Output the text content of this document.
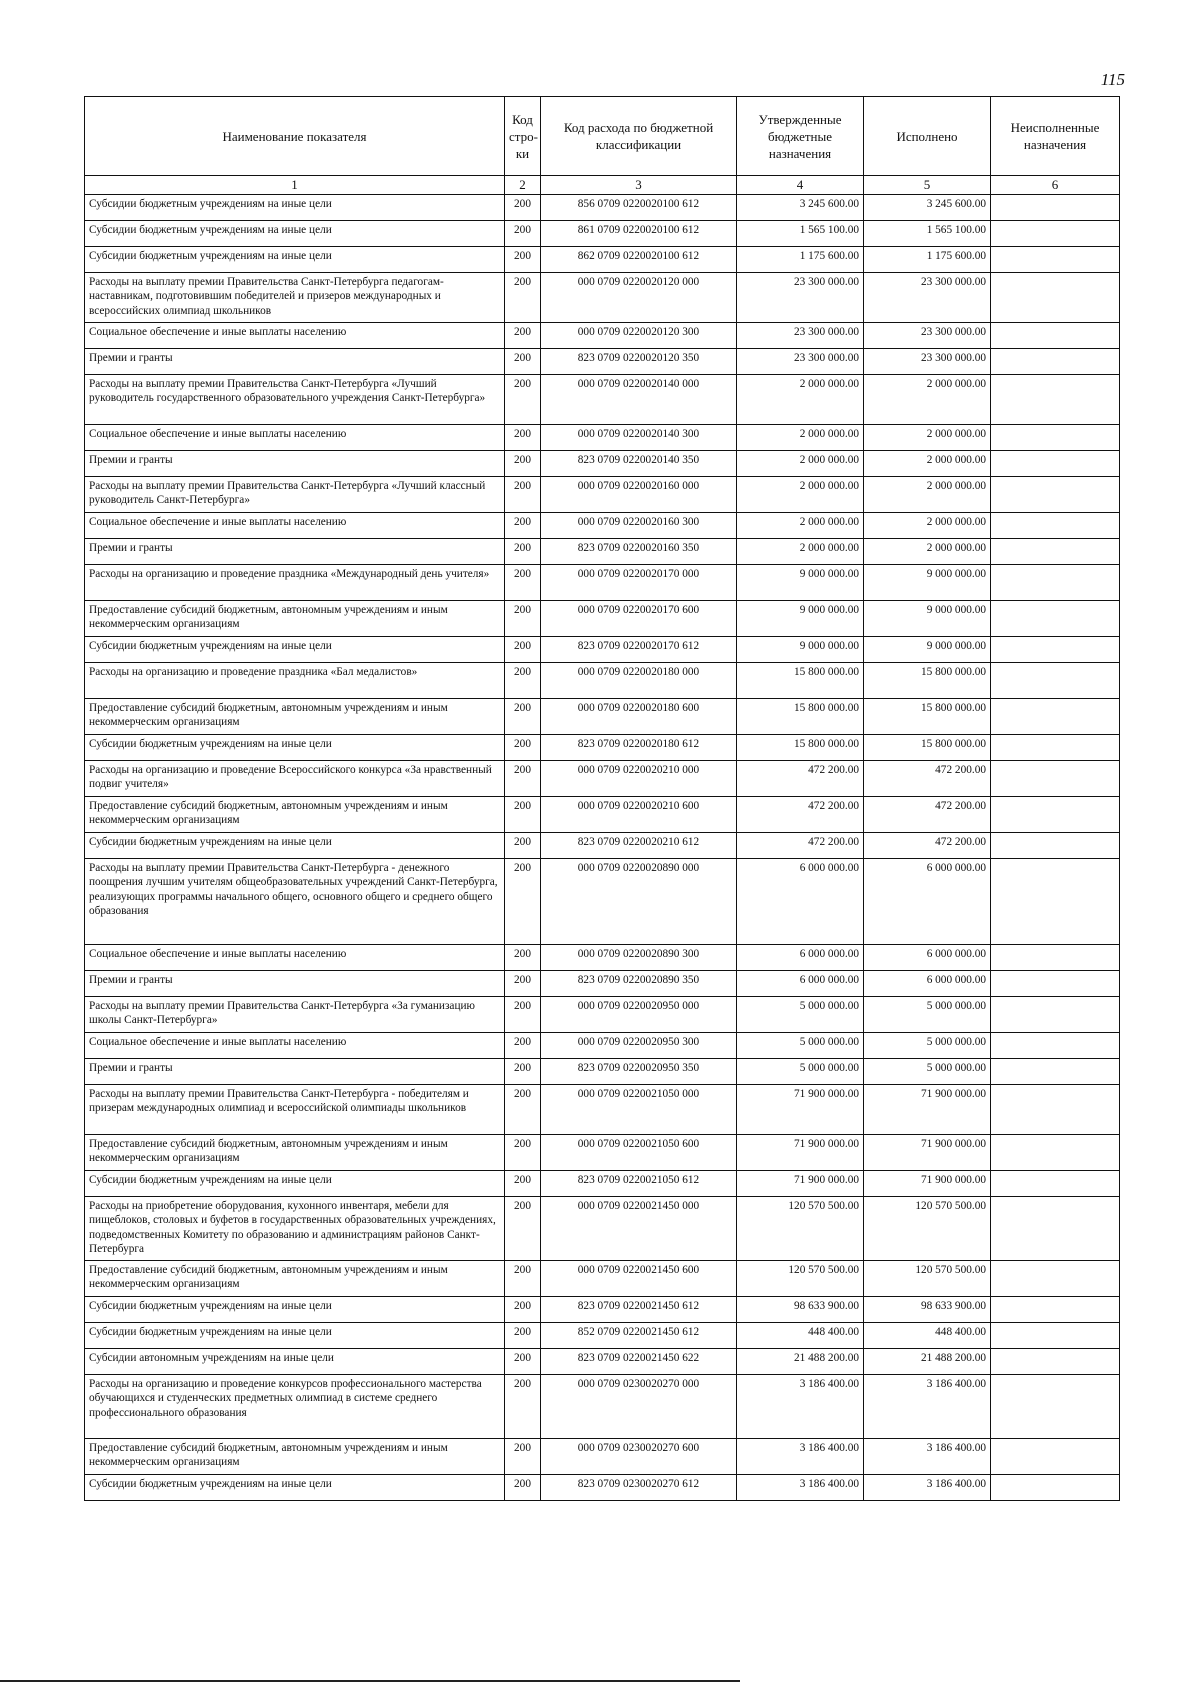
115
Наименование показателя	Код стро-ки	Код расхода по бюджетной классификации	Утвержденные бюджетные назначения	Исполнено	Неисполненные назначения
1	2	3	4	5	6
Субсидии бюджетным учреждениям на иные цели	200	856 0709 0220020100 612	3 245 600.00	3 245 600.00	
Субсидии бюджетным учреждениям на иные цели	200	861 0709 0220020100 612	1 565 100.00	1 565 100.00	
Субсидии бюджетным учреждениям на иные цели	200	862 0709 0220020100 612	1 175 600.00	1 175 600.00	
Расходы на выплату премии Правительства Санкт-Петербурга педагогам-наставникам, подготовившим победителей и призеров международных и всероссийских олимпиад школьников	200	000 0709 0220020120 000	23 300 000.00	23 300 000.00	
Социальное обеспечение и иные выплаты населению	200	000 0709 0220020120 300	23 300 000.00	23 300 000.00	
Премии и гранты	200	823 0709 0220020120 350	23 300 000.00	23 300 000.00	
Расходы на выплату премии Правительства Санкт-Петербурга «Лучший руководитель государственного образовательного учреждения Санкт-Петербурга»	200	000 0709 0220020140 000	2 000 000.00	2 000 000.00	
Социальное обеспечение и иные выплаты населению	200	000 0709 0220020140 300	2 000 000.00	2 000 000.00	
Премии и гранты	200	823 0709 0220020140 350	2 000 000.00	2 000 000.00	
Расходы на выплату премии Правительства Санкт-Петербурга «Лучший классный руководитель Санкт-Петербурга»	200	000 0709 0220020160 000	2 000 000.00	2 000 000.00	
Социальное обеспечение и иные выплаты населению	200	000 0709 0220020160 300	2 000 000.00	2 000 000.00	
Премии и гранты	200	823 0709 0220020160 350	2 000 000.00	2 000 000.00	
Расходы на организацию и проведение праздника «Международный день учителя»	200	000 0709 0220020170 000	9 000 000.00	9 000 000.00	
Предоставление субсидий бюджетным, автономным учреждениям и иным некоммерческим организациям	200	000 0709 0220020170 600	9 000 000.00	9 000 000.00	
Субсидии бюджетным учреждениям на иные цели	200	823 0709 0220020170 612	9 000 000.00	9 000 000.00	
Расходы на организацию и проведение праздника «Бал медалистов»	200	000 0709 0220020180 000	15 800 000.00	15 800 000.00	
Предоставление субсидий бюджетным, автономным учреждениям и иным некоммерческим организациям	200	000 0709 0220020180 600	15 800 000.00	15 800 000.00	
Субсидии бюджетным учреждениям на иные цели	200	823 0709 0220020180 612	15 800 000.00	15 800 000.00	
Расходы на организацию и проведение Всероссийского конкурса «За нравственный подвиг учителя»	200	000 0709 0220020210 000	472 200.00	472 200.00	
Предоставление субсидий бюджетным, автономным учреждениям и иным некоммерческим организациям	200	000 0709 0220020210 600	472 200.00	472 200.00	
Субсидии бюджетным учреждениям на иные цели	200	823 0709 0220020210 612	472 200.00	472 200.00	
Расходы на выплату премии Правительства Санкт-Петербурга - денежного поощрения лучшим учителям общеобразовательных учреждений Санкт-Петербурга, реализующих программы начального общего, основного общего и среднего общего образования	200	000 0709 0220020890 000	6 000 000.00	6 000 000.00	
Социальное обеспечение и иные выплаты населению	200	000 0709 0220020890 300	6 000 000.00	6 000 000.00	
Премии и гранты	200	823 0709 0220020890 350	6 000 000.00	6 000 000.00	
Расходы на выплату премии Правительства Санкт-Петербурга «За гуманизацию школы Санкт-Петербурга»	200	000 0709 0220020950 000	5 000 000.00	5 000 000.00	
Социальное обеспечение и иные выплаты населению	200	000 0709 0220020950 300	5 000 000.00	5 000 000.00	
Премии и гранты	200	823 0709 0220020950 350	5 000 000.00	5 000 000.00	
Расходы на выплату премии Правительства Санкт-Петербурга - победителям и призерам международных олимпиад и всероссийской олимпиады школьников	200	000 0709 0220021050 000	71 900 000.00	71 900 000.00	
Предоставление субсидий бюджетным, автономным учреждениям и иным некоммерческим организациям	200	000 0709 0220021050 600	71 900 000.00	71 900 000.00	
Субсидии бюджетным учреждениям на иные цели	200	823 0709 0220021050 612	71 900 000.00	71 900 000.00	
Расходы на приобретение оборудования, кухонного инвентаря, мебели для пищеблоков, столовых и буфетов в государственных образовательных учреждениях, подведомственных Комитету по образованию и администрациям районов Санкт-Петербурга	200	000 0709 0220021450 000	120 570 500.00	120 570 500.00	
Предоставление субсидий бюджетным, автономным учреждениям и иным некоммерческим организациям	200	000 0709 0220021450 600	120 570 500.00	120 570 500.00	
Субсидии бюджетным учреждениям на иные цели	200	823 0709 0220021450 612	98 633 900.00	98 633 900.00	
Субсидии бюджетным учреждениям на иные цели	200	852 0709 0220021450 612	448 400.00	448 400.00	
Субсидии автономным учреждениям на иные цели	200	823 0709 0220021450 622	21 488 200.00	21 488 200.00	
Расходы на организацию и проведение конкурсов профессионального мастерства обучающихся и студенческих предметных олимпиад в системе среднего профессионального образования	200	000 0709 0230020270 000	3 186 400.00	3 186 400.00	
Предоставление субсидий бюджетным, автономным учреждениям и иным некоммерческим организациям	200	000 0709 0230020270 600	3 186 400.00	3 186 400.00	
Субсидии бюджетным учреждениям на иные цели	200	823 0709 0230020270 612	3 186 400.00	3 186 400.00	
